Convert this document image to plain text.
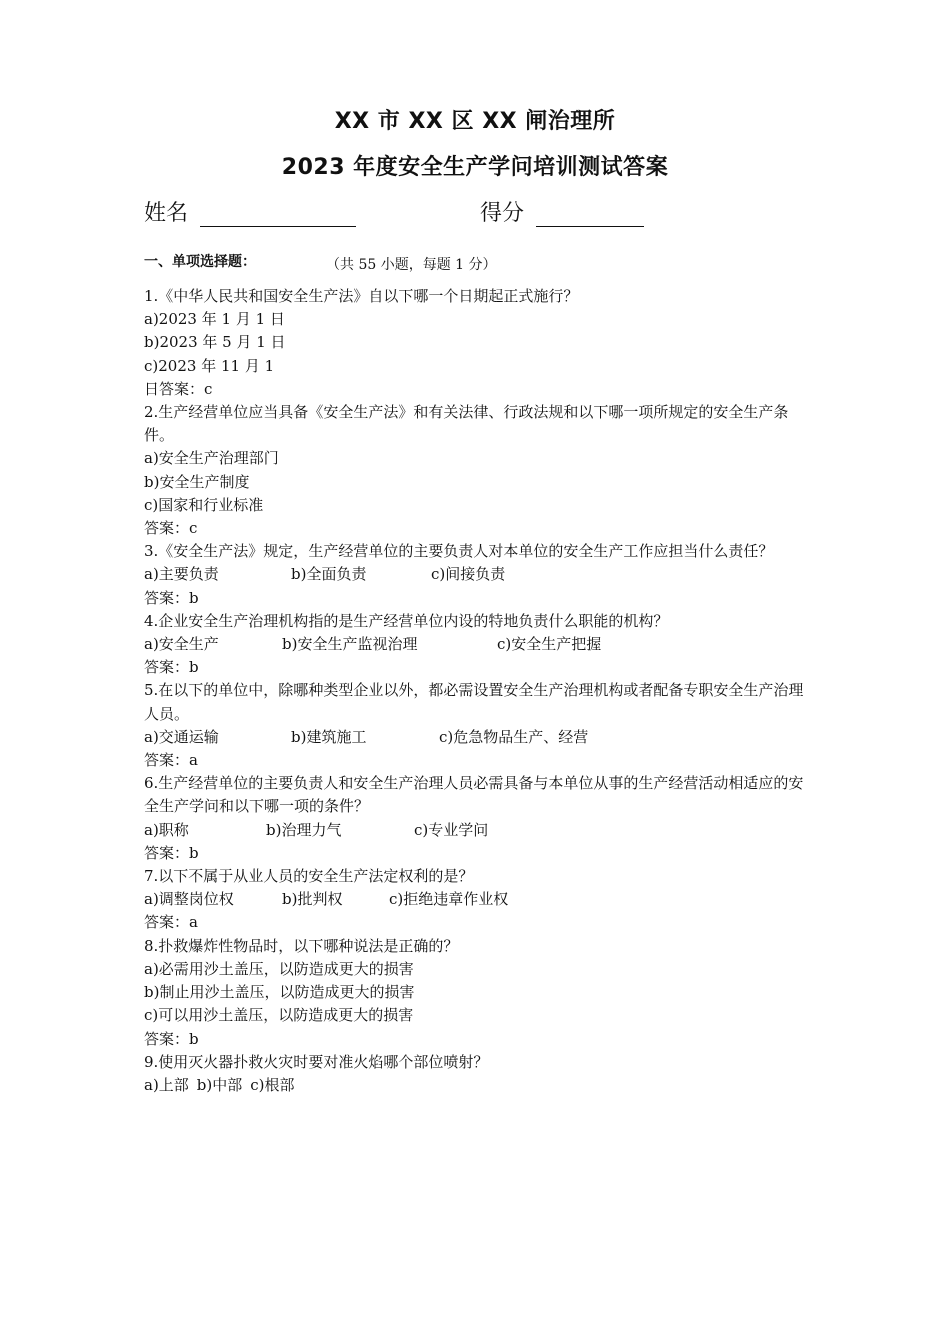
XX 市 XX 区 XX 闸治理所
2023 年度安全生产学问培训测试答案
姓名	得分
一、单项选择题：	（共 55 小题，每题 1 分）

1.《中华人民共和国安全生产法》自以下哪一个日期起正式施行？

a)2023 年 1 月 1 日

b)2023 年 5 月 1 日

c)2023 年 11 月 1

日答案：c

2.生产经营单位应当具备《安全生产法》和有关法律、行政法规和以下哪一项所规定的安全生产条件。

a)安全生产治理部门

b)安全生产制度

c)国家和行业标准

答案：c

3.《安全生产法》规定，生产经营单位的主要负责人对本单位的安全生产工作应担当什么责任？

a)主要负责	b)全面负责	c)间接负责

答案：b

4.企业安全生产治理机构指的是生产经营单位内设的特地负责什么职能的机构？

a)安全生产	b)安全生产监视治理	c)安全生产把握

答案：b

5.在以下的单位中，除哪种类型企业以外，都必需设置安全生产治理机构或者配备专职安全生产治理人员。

a)交通运输	b)建筑施工	c)危急物品生产、经营

答案：a

6.生产经营单位的主要负责人和安全生产治理人员必需具备与本单位从事的生产经营活动相适应的安全生产学问和以下哪一项的条件？

a)职称	b)治理力气	c)专业学问

答案：b

7.以下不属于从业人员的安全生产法定权利的是？

a)调整岗位权	b)批判权	c)拒绝违章作业权

答案：a

8.扑救爆炸性物品时，以下哪种说法是正确的？

a)必需用沙土盖压，以防造成更大的损害

b)制止用沙土盖压，以防造成更大的损害

c)可以用沙土盖压，以防造成更大的损害

答案：b

9.使用灭火器扑救火灾时要对准火焰哪个部位喷射？

a)上部 b)中部 c)根部
